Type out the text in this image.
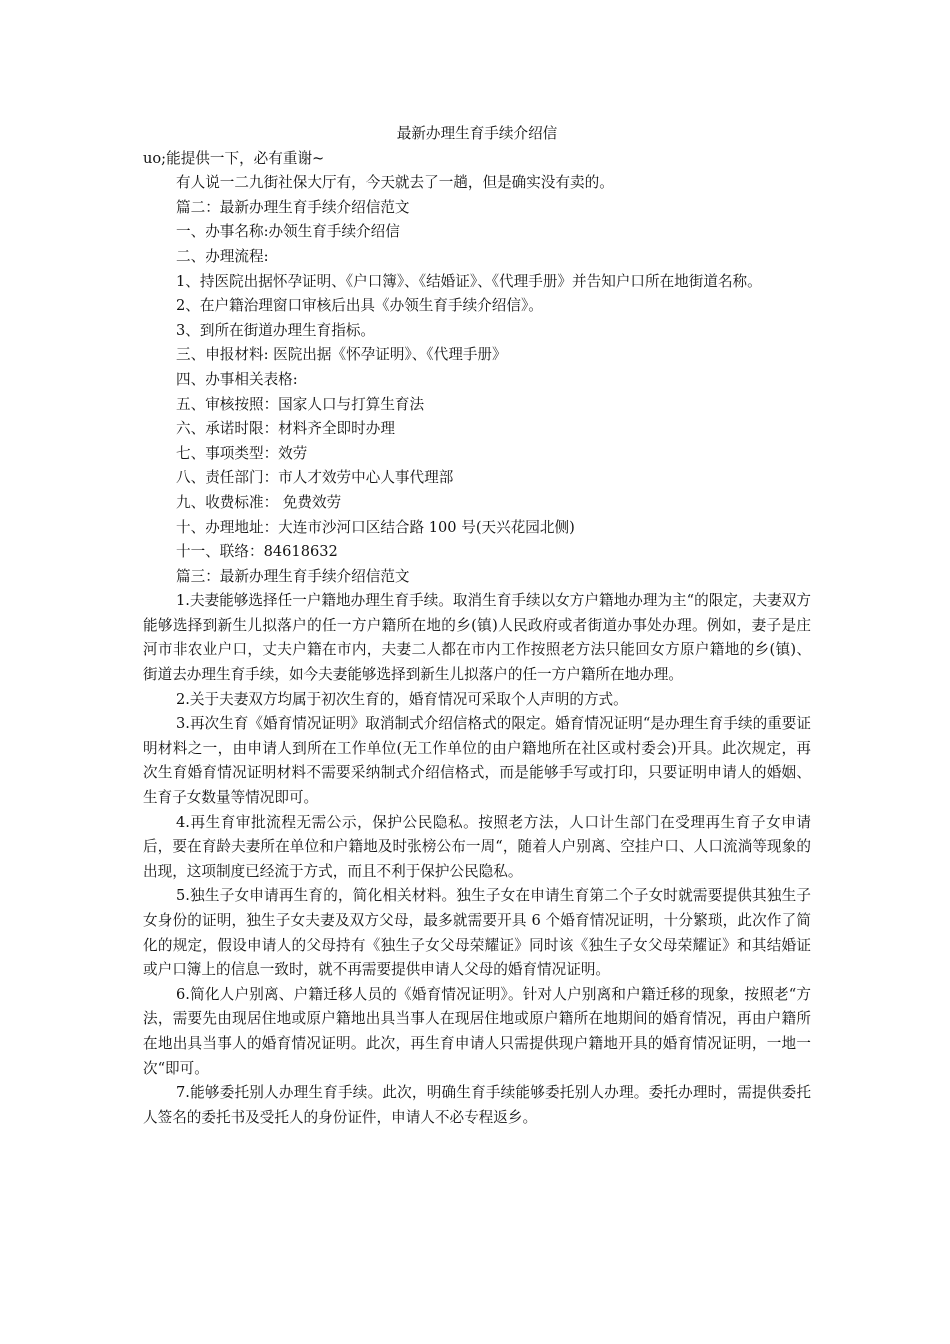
最新办理生育手续介绍信

uo;能提供一下，必有重谢~

有人说一二九街社保大厅有，今天就去了一趟，但是确实没有卖的。

篇二：最新办理生育手续介绍信范文

一、办事名称:办领生育手续介绍信

二、办理流程:

1、持医院出据怀孕证明、《户口簿》、《结婚证》、《代理手册》并告知户口所在地街道名称。

2、在户籍治理窗口审核后出具《办领生育手续介绍信》。

3、到所在街道办理生育指标。

三、申报材料: 医院出据《怀孕证明》、《代理手册》

四、办事相关表格:

五、审核按照：国家人口与打算生育法

六、承诺时限：材料齐全即时办理

七、事项类型：效劳

八、责任部门：市人才效劳中心人事代理部

九、收费标准： 免费效劳

十、办理地址：大连市沙河口区结合路 100 号(天兴花园北侧)

十一、联络：84618632

篇三：最新办理生育手续介绍信范文

1.夫妻能够选择任一户籍地办理生育手续。取消生育手续以女方户籍地办理为主“的限定，夫妻双方能够选择到新生儿拟落户的任一方户籍所在地的乡(镇)人民政府或者街道办事处办理。例如，妻子是庄河市非农业户口，丈夫户籍在市内，夫妻二人都在市内工作按照老方法只能回女方原户籍地的乡(镇)、街道去办理生育手续，如今夫妻能够选择到新生儿拟落户的任一方户籍所在地办理。

2.关于夫妻双方均属于初次生育的，婚育情况可采取个人声明的方式。

3.再次生育《婚育情况证明》取消制式介绍信格式的限定。婚育情况证明“是办理生育手续的重要证明材料之一，由申请人到所在工作单位(无工作单位的由户籍地所在社区或村委会)开具。此次规定，再次生育婚育情况证明材料不需要采纳制式介绍信格式，而是能够手写或打印，只要证明申请人的婚姻、生育子女数量等情况即可。

4.再生育审批流程无需公示，保护公民隐私。按照老方法，人口计生部门在受理再生育子女申请后，要在育龄夫妻所在单位和户籍地及时张榜公布一周“，随着人户别离、空挂户口、人口流淌等现象的出现，这项制度已经流于方式，而且不利于保护公民隐私。

5.独生子女申请再生育的，简化相关材料。独生子女在申请生育第二个子女时就需要提供其独生子女身份的证明，独生子女夫妻及双方父母，最多就需要开具 6 个婚育情况证明，十分繁琐，此次作了简化的规定，假设申请人的父母持有《独生子女父母荣耀证》同时该《独生子女父母荣耀证》和其结婚证或户口簿上的信息一致时，就不再需要提供申请人父母的婚育情况证明。

6.简化人户别离、户籍迁移人员的《婚育情况证明》。针对人户别离和户籍迁移的现象，按照老“方法，需要先由现居住地或原户籍地出具当事人在现居住地或原户籍所在地期间的婚育情况，再由户籍所在地出具当事人的婚育情况证明。此次，再生育申请人只需提供现户籍地开具的婚育情况证明，一地一次“即可。

7.能够委托别人办理生育手续。此次，明确生育手续能够委托别人办理。委托办理时，需提供委托人签名的委托书及受托人的身份证件，申请人不必专程返乡。
